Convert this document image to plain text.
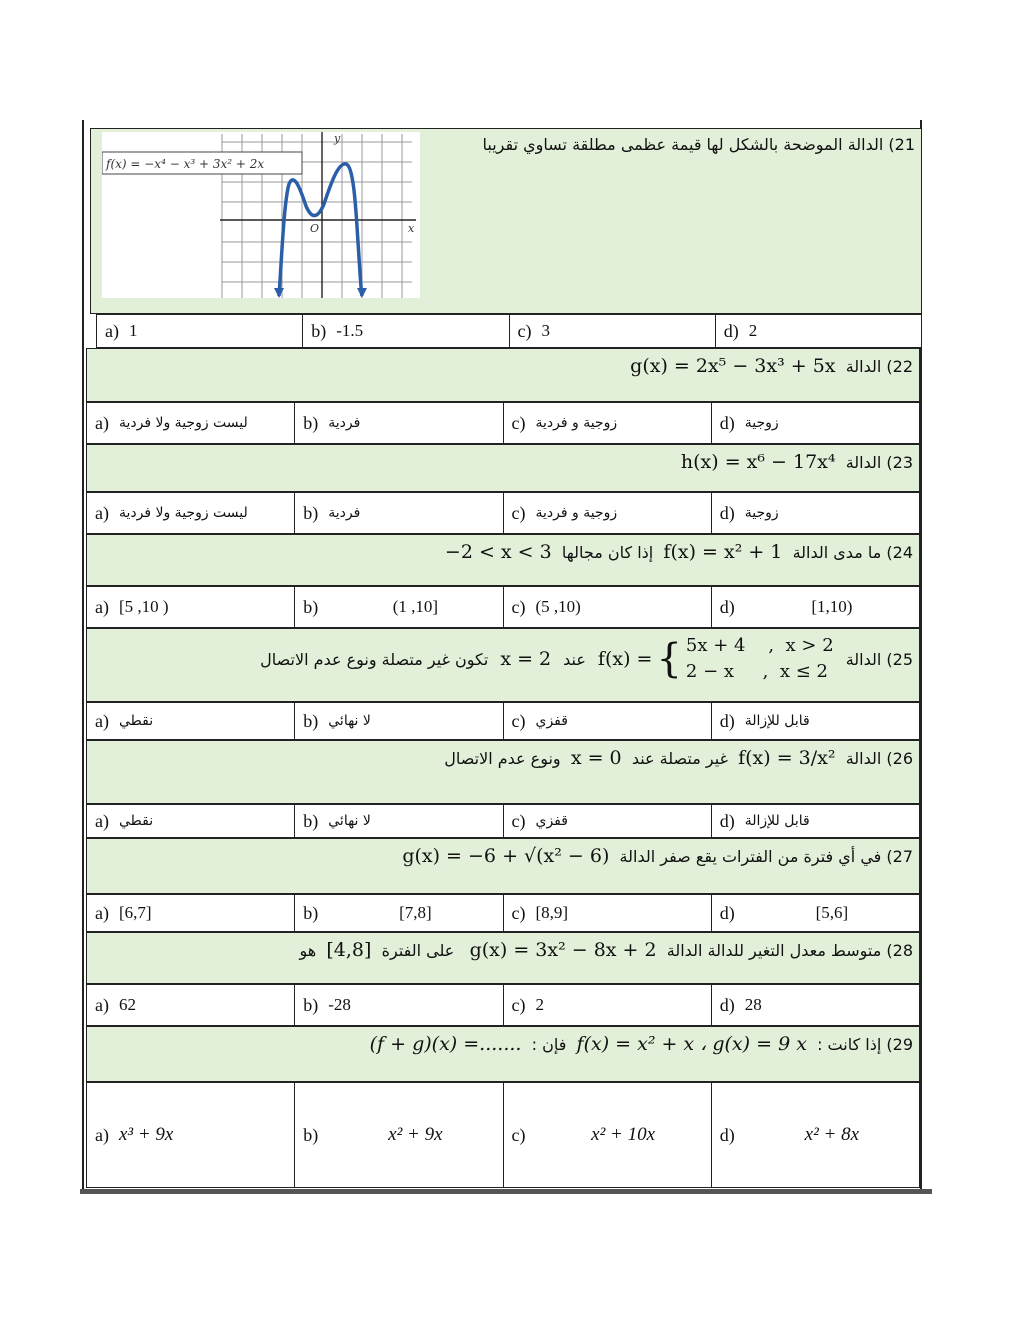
21) الدالة الموضحة بالشكل لها قيمة عظمى مطلقة تساوي تقريبا
f(x) = −x⁴ − x³ + 3x² + 2x
y
x
O
a) 1	b) -1.5	c) 3	d) 2
22) الدالة  g(x) = 2x⁵ − 3x³ + 5x
a) ليست زوجية ولا فردية	b) فردية	c) زوجية و فردية	d) زوجية
23) الدالة  h(x) = x⁶ − 17x⁴
a) ليست زوجية ولا فردية	b) فردية	c) زوجية و فردية	d) زوجية
24) ما مدى الدالة  f(x) = x² + 1  إذا كان مجالها  −2 < x < 3
a) [5 ,10 )	b)	(1 ,10]	c) (5 ,10)	d)	[1,10)
25) الدالة
f(x) = { 5x + 4    ,  x > 2
2 − x     ,  x ≤ 2
عند
x = 2
تكون غير متصلة ونوع عدم الاتصال
a) نقطي	b) لا نهائي	c) قفزي	d) قابل للإزالة
26) الدالة  f(x) = 3/x²  غير متصلة عند  x = 0  ونوع عدم الاتصال
a) نقطي	b) لا نهائي	c) قفزي	d) قابل للإزالة
27) في أي فترة من الفترات يقع صفر الدالة  g(x) = −6 + √(x² − 6)
a) [6,7]	b)	[7,8]	c) [8,9]	d)	[5,6]
28) متوسط معدل التغير للدالة الدالة  g(x) = 3x² − 8x + 2   على الفترة  [4,8]  هو
a) 62	b) -28	c) 2	d) 28
29) إذا كانت :  f(x) = x² + x ، g(x) = 9 x  فإن :  (f + g)(x) =.......
a) x³ + 9x	b)	x² + 9x	c)	x² + 10x	d)	x² + 8x
